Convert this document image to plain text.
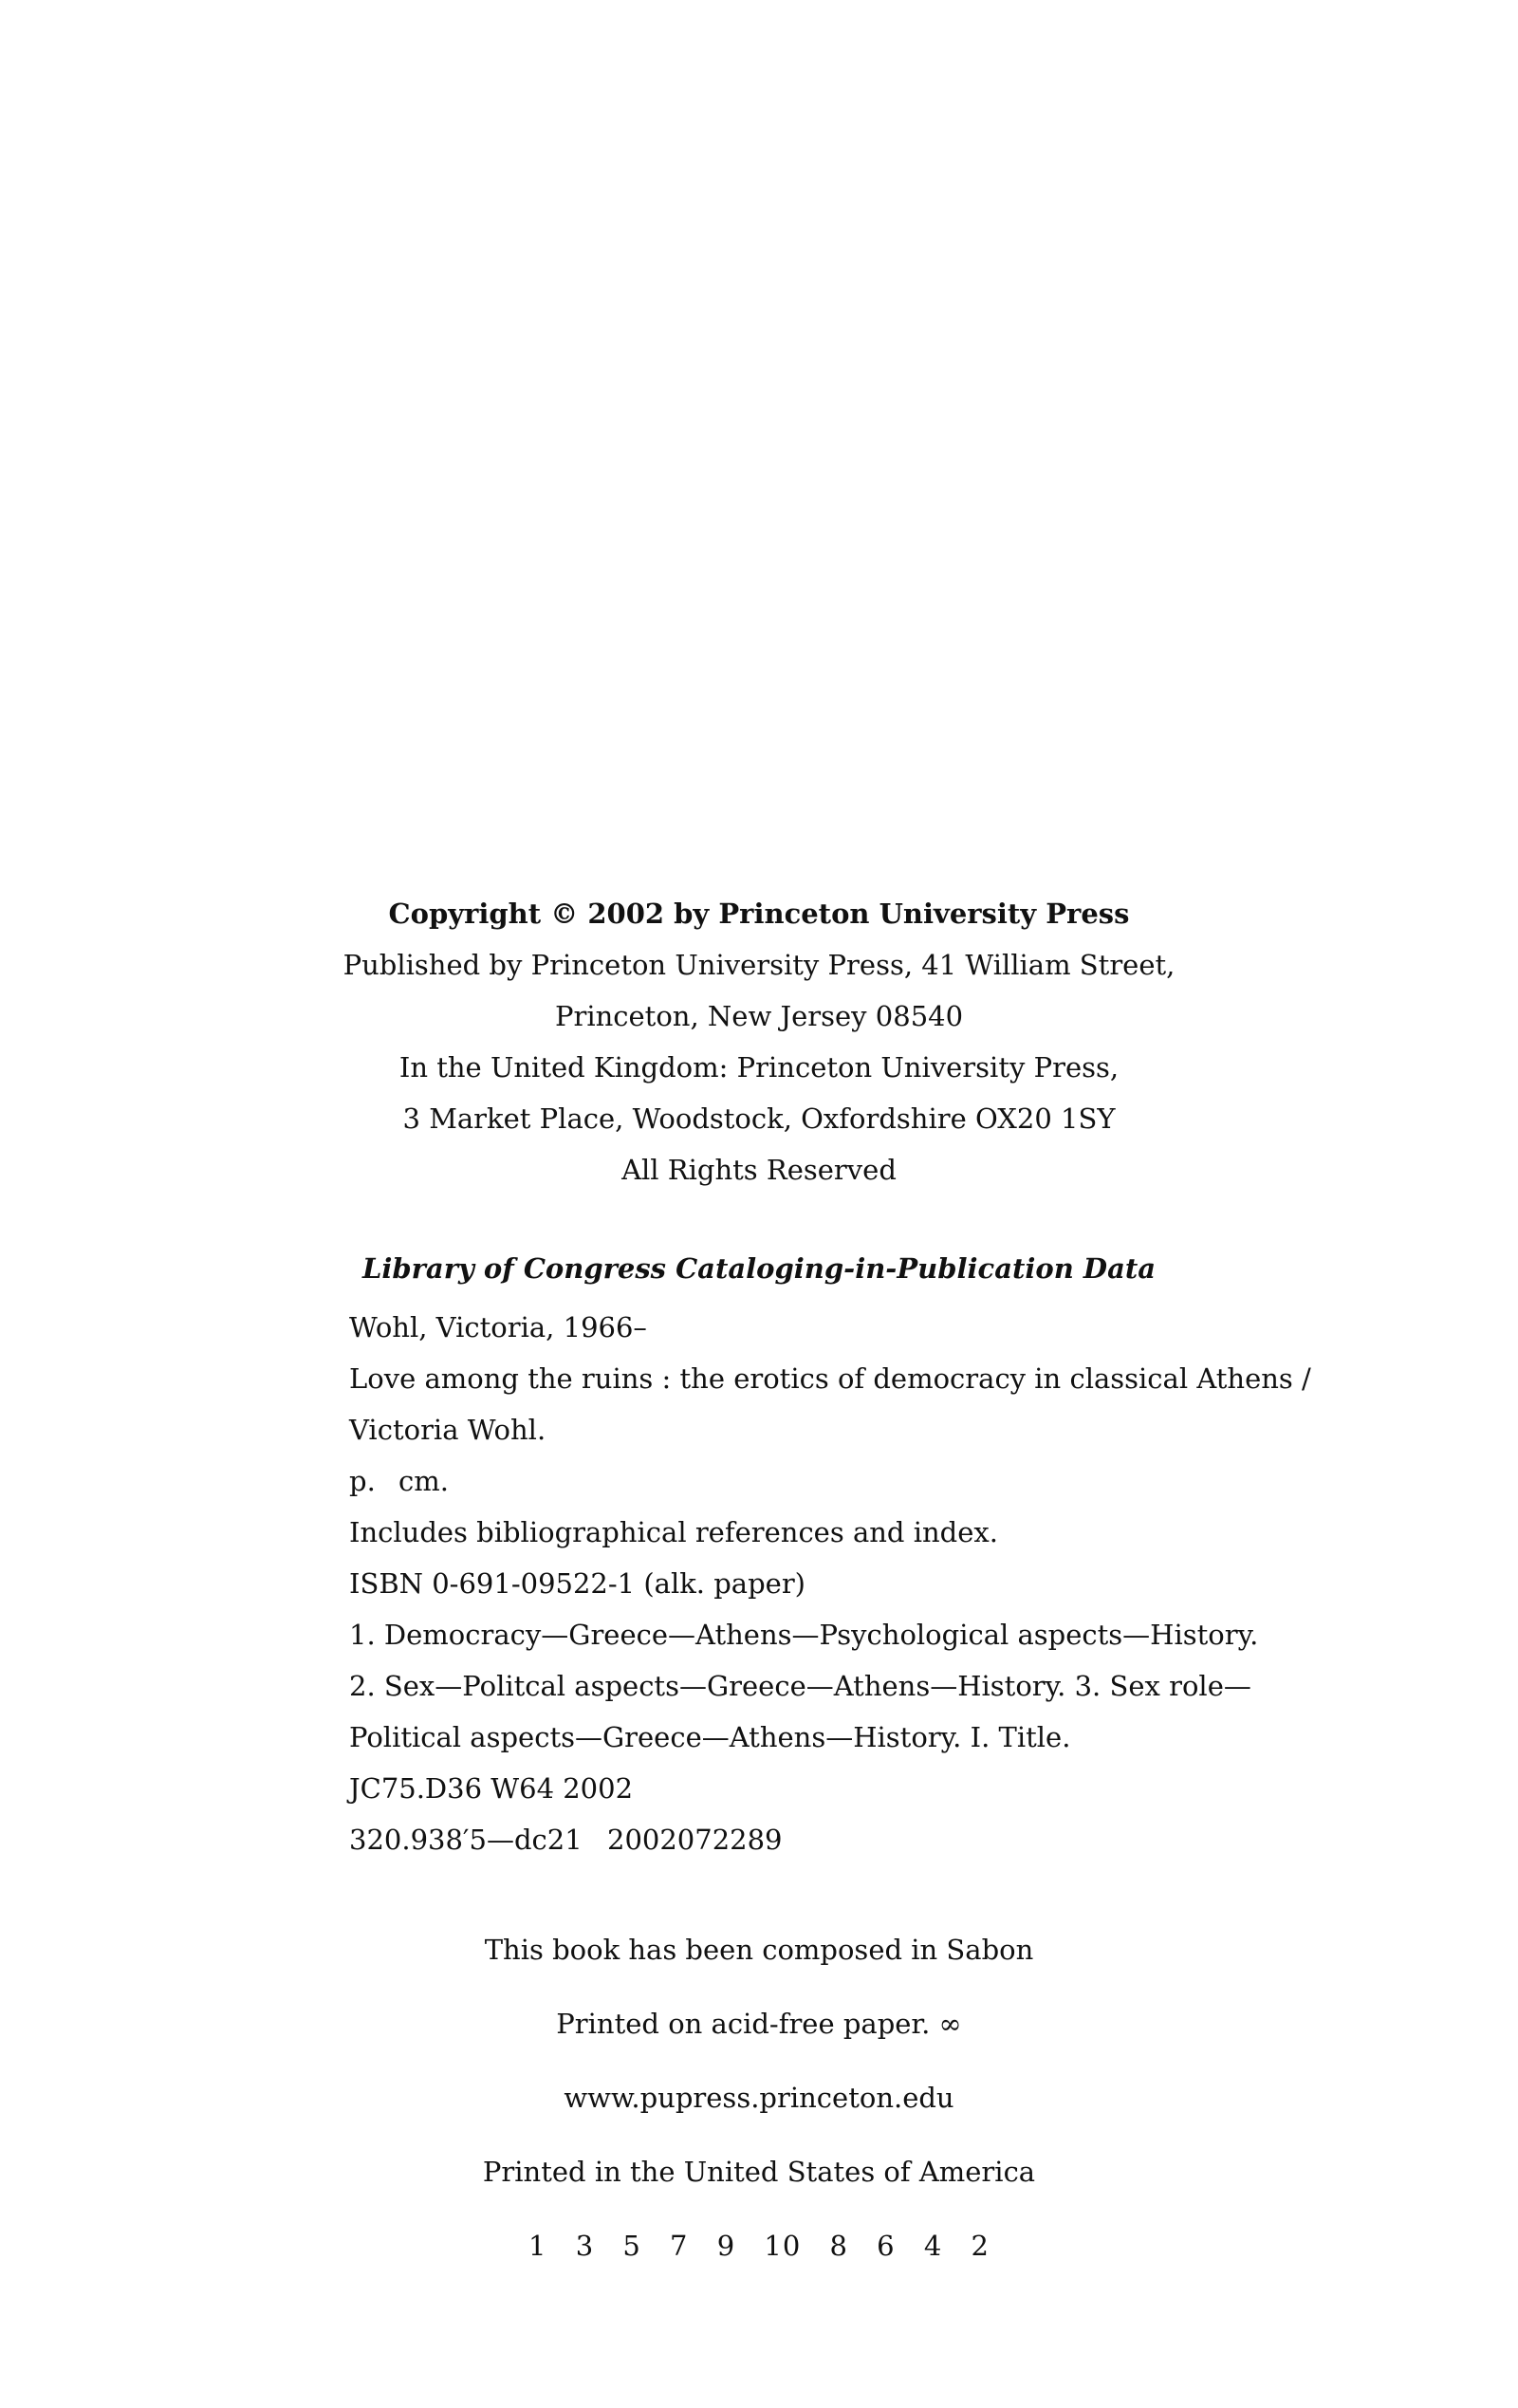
Copyright © 2002 by Princeton University Press

Published by Princeton University Press, 41 William Street,

Princeton, New Jersey 08540

In the United Kingdom: Princeton University Press,

3 Market Place, Woodstock, Oxfordshire OX20 1SY

All Rights Reserved

Library of Congress Cataloging-in-Publication Data

Wohl, Victoria, 1966–

Love among the ruins : the erotics of democracy in classical Athens /

Victoria Wohl.

p. cm.

Includes bibliographical references and index.

ISBN 0-691-09522-1 (alk. paper)

1. Democracy—Greece—Athens—Psychological aspects—History.

2. Sex—Politcal aspects—Greece—Athens—History. 3. Sex role—

Political aspects—Greece—Athens—History. I. Title.

JC75.D36 W64 2002

320.938′5—dc21 2002072289

This book has been composed in Sabon

Printed on acid-free paper. ∞

www.pupress.princeton.edu

Printed in the United States of America

1 3 5 7 9 10 8 6 4 2
